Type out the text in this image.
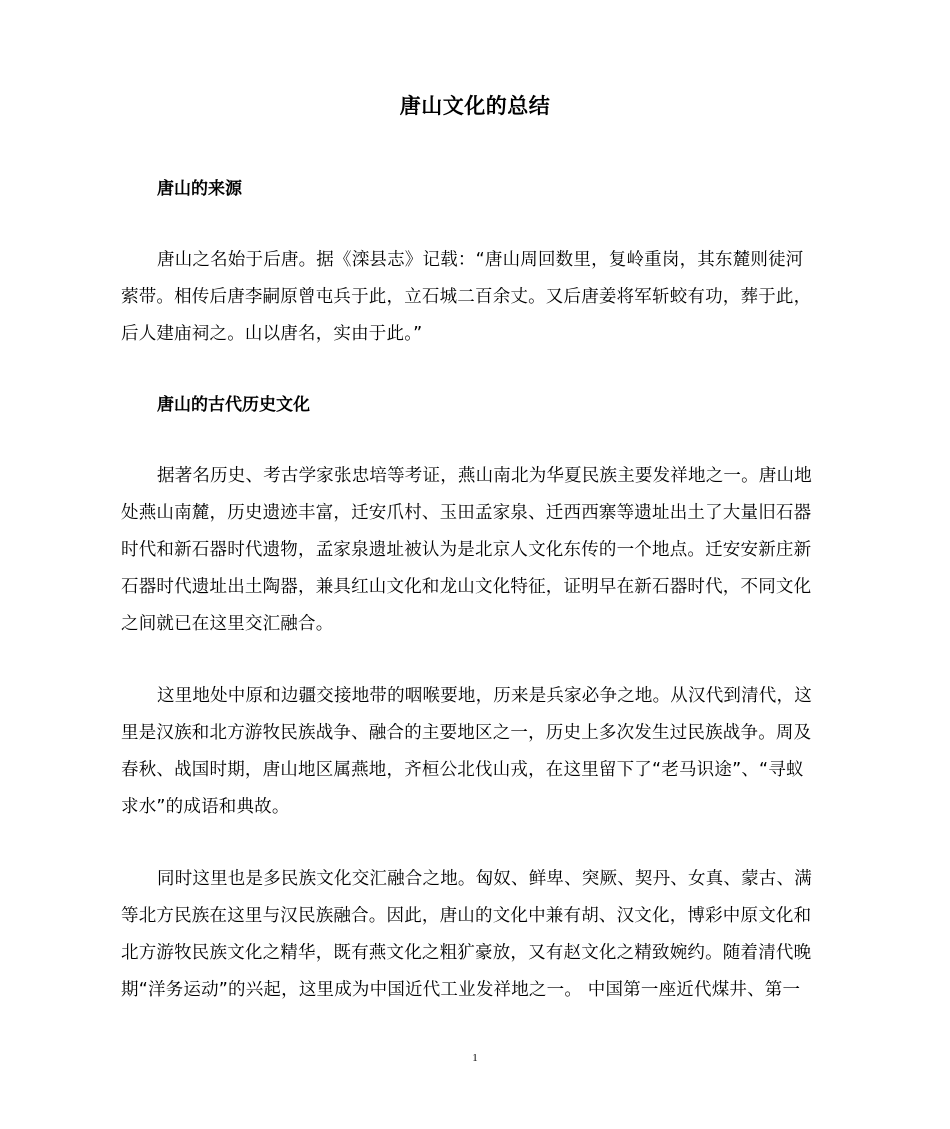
唐山文化的总结
唐山的来源
唐山之名始于后唐。据《滦县志》记载：“唐山周回数里，复岭重岗，其东麓则徒河
萦带。相传后唐李嗣原曾屯兵于此，立石城二百余丈。又后唐姜将军斩蛟有功，葬于此，
后人建庙祠之。山以唐名，实由于此。”
唐山的古代历史文化
据著名历史、考古学家张忠培等考证，燕山南北为华夏民族主要发祥地之一。唐山地
处燕山南麓，历史遗迹丰富，迁安爪村、玉田孟家泉、迁西西寨等遗址出土了大量旧石器
时代和新石器时代遗物，孟家泉遗址被认为是北京人文化东传的一个地点。迁安安新庄新
石器时代遗址出土陶器，兼具红山文化和龙山文化特征，证明早在新石器时代，不同文化
之间就已在这里交汇融合。
这里地处中原和边疆交接地带的咽喉要地，历来是兵家必争之地。从汉代到清代，这
里是汉族和北方游牧民族战争、融合的主要地区之一，历史上多次发生过民族战争。周及
春秋、战国时期，唐山地区属燕地，齐桓公北伐山戎，在这里留下了“老马识途”、“寻蚁
求水”的成语和典故。
同时这里也是多民族文化交汇融合之地。匈奴、鲜卑、突厥、契丹、女真、蒙古、满
等北方民族在这里与汉民族融合。因此，唐山的文化中兼有胡、汉文化，博彩中原文化和
北方游牧民族文化之精华，既有燕文化之粗犷豪放，又有赵文化之精致婉约。随着清代晚
期“洋务运动”的兴起，这里成为中国近代工业发祥地之一。 中国第一座近代煤井、第一
1
